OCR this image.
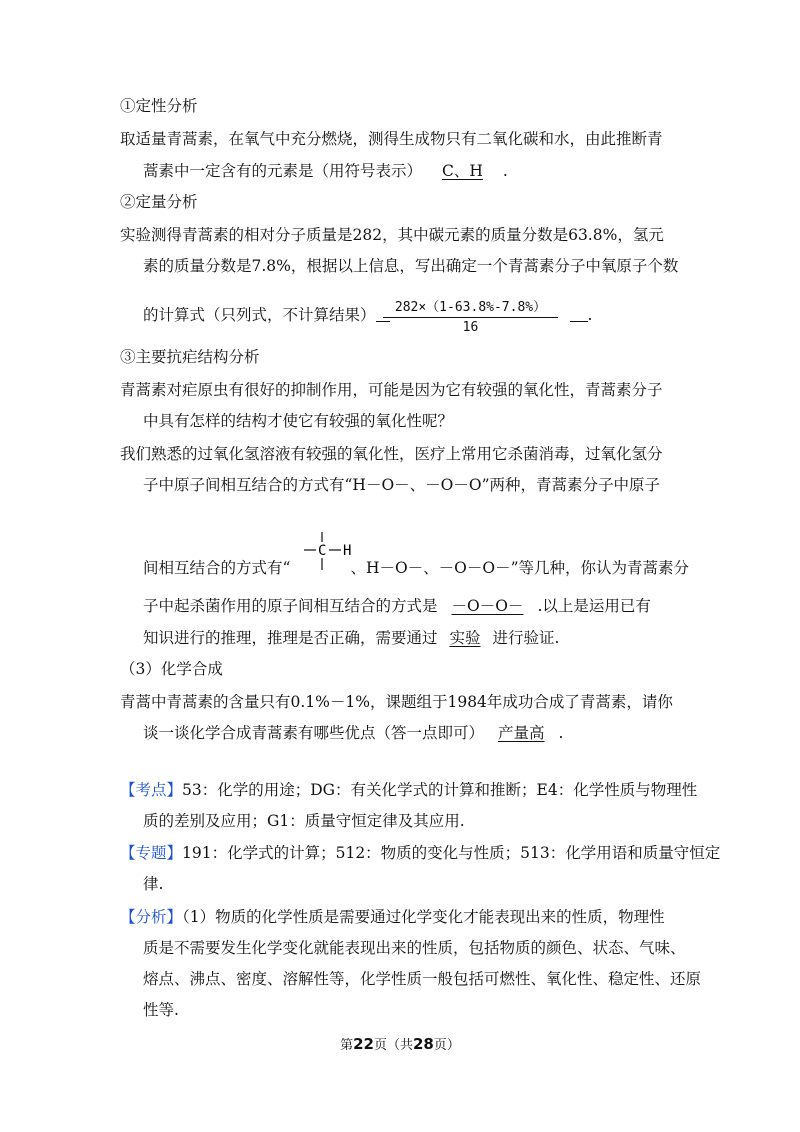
①定性分析
取适量青蒿素，在氧气中充分燃烧，测得生成物只有二氧化碳和水，由此推断青
蒿素中一定含有的元素是（用符号表示） C、H .
②定量分析
实验测得青蒿素的相对分子质量是282，其中碳元素的质量分数是63.8%，氢元
素的质量分数是7.8%，根据以上信息，写出确定一个青蒿素分子中氧原子个数
的计算式（只列式，不计算结果）	.
$\frac{282\times(1-63.8\%-7.8\%)}{16}$
③主要抗疟结构分析
青蒿素对疟原虫有很好的抑制作用，可能是因为它有较强的氧化性，青蒿素分子
中具有怎样的结构才使它有较强的氧化性呢？
我们熟悉的过氧化氢溶液有较强的氧化性，医疗上常用它杀菌消毒，过氧化氢分
子中原子间相互结合的方式有“H－O－、－O－O”两种，青蒿素分子中原子
间相互结合的方式有“	、H－O－、－O－O－”等几种，你认为青蒿素分
C H
子中起杀菌作用的原子间相互结合的方式是 －O－O－ .以上是运用已有
知识进行的推理，推理是否正确，需要通过 实验 进行验证.
（3）化学合成
青蒿中青蒿素的含量只有0.1%－1%，课题组于1984年成功合成了青蒿素，请你
谈一谈化学合成青蒿素有哪些优点（答一点即可） 产量高 .
【考点】53：化学的用途；DG：有关化学式的计算和推断；E4：化学性质与物理性
质的差别及应用；G1：质量守恒定律及其应用.
【专题】191：化学式的计算；512：物质的变化与性质；513：化学用语和质量守恒定
律.
【分析】（1）物质的化学性质是需要通过化学变化才能表现出来的性质，物理性
质是不需要发生化学变化就能表现出来的性质，包括物质的颜色、状态、气味、
熔点、沸点、密度、溶解性等，化学性质一般包括可燃性、氧化性、稳定性、还原
性等.
第22页（共28页）
